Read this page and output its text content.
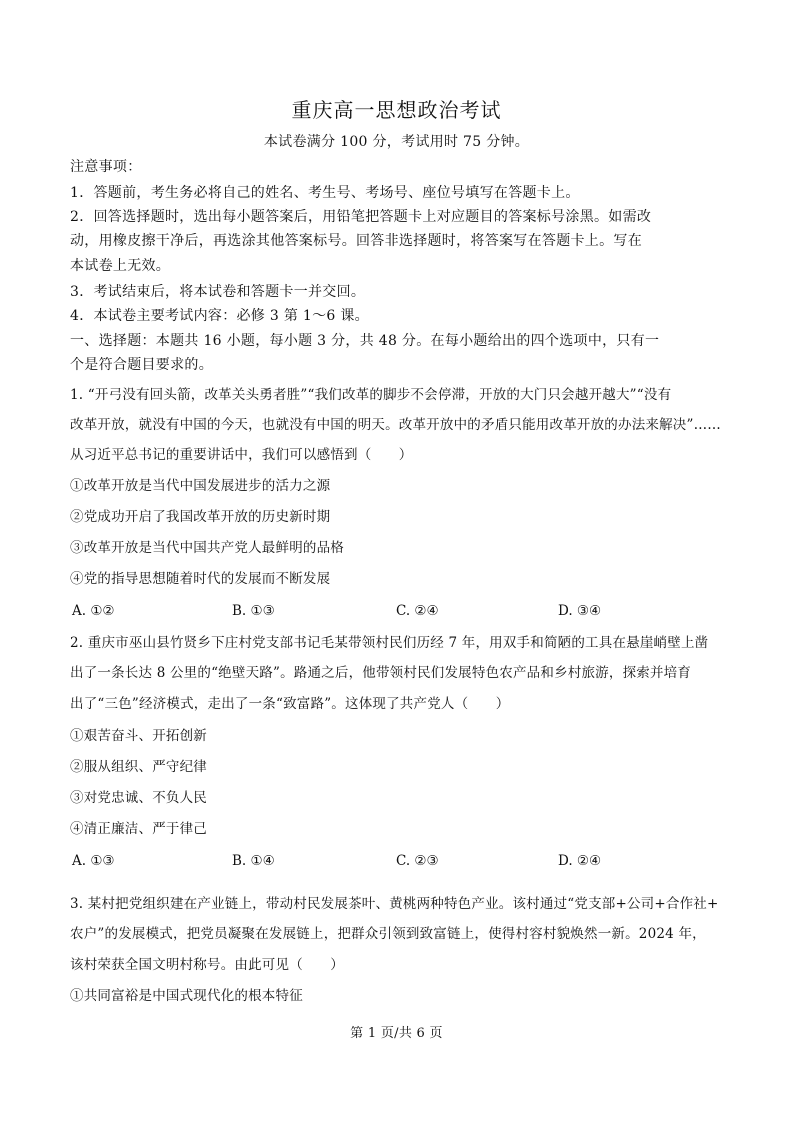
重庆高一思想政治考试
本试卷满分 100 分，考试用时 75 分钟。
注意事项：
1．答题前，考生务必将自己的姓名、考生号、考场号、座位号填写在答题卡上。
2．回答选择题时，选出每小题答案后，用铅笔把答题卡上对应题目的答案标号涂黑。如需改
动，用橡皮擦干净后，再选涂其他答案标号。回答非选择题时，将答案写在答题卡上。写在
本试卷上无效。
3．考试结束后，将本试卷和答题卡一并交回。
4．本试卷主要考试内容：必修 3 第 1～6 课。
一、选择题：本题共 16 小题，每小题 3 分，共 48 分。在每小题给出的四个选项中，只有一
个是符合题目要求的。
1. “开弓没有回头箭，改革关头勇者胜”“我们改革的脚步不会停滞，开放的大门只会越开越大”“没有
改革开放，就没有中国的今天，也就没有中国的明天。改革开放中的矛盾只能用改革开放的办法来解决”……
从习近平总书记的重要讲话中，我们可以感悟到（　　）
①改革开放是当代中国发展进步的活力之源
②党成功开启了我国改革开放的历史新时期
③改革开放是当代中国共产党人最鲜明的品格
④党的指导思想随着时代的发展而不断发展
A. ①②	B. ①③	C. ②④	D. ③④
2. 重庆市巫山县竹贤乡下庄村党支部书记毛某带领村民们历经 7 年，用双手和简陋的工具在悬崖峭壁上凿
出了一条长达 8 公里的“绝壁天路”。路通之后，他带领村民们发展特色农产品和乡村旅游，探索并培育
出了“三色”经济模式，走出了一条“致富路”。这体现了共产党人（　　）
①艰苦奋斗、开拓创新
②服从组织、严守纪律
③对党忠诚、不负人民
④清正廉洁、严于律己
A. ①③	B. ①④	C. ②③	D. ②④
3. 某村把党组织建在产业链上，带动村民发展茶叶、黄桃两种特色产业。该村通过“党支部+公司+合作社+
农户”的发展模式，把党员凝聚在发展链上，把群众引领到致富链上，使得村容村貌焕然一新。2024 年，
该村荣获全国文明村称号。由此可见（　　）
①共同富裕是中国式现代化的根本特征
第 1 页/共 6 页
